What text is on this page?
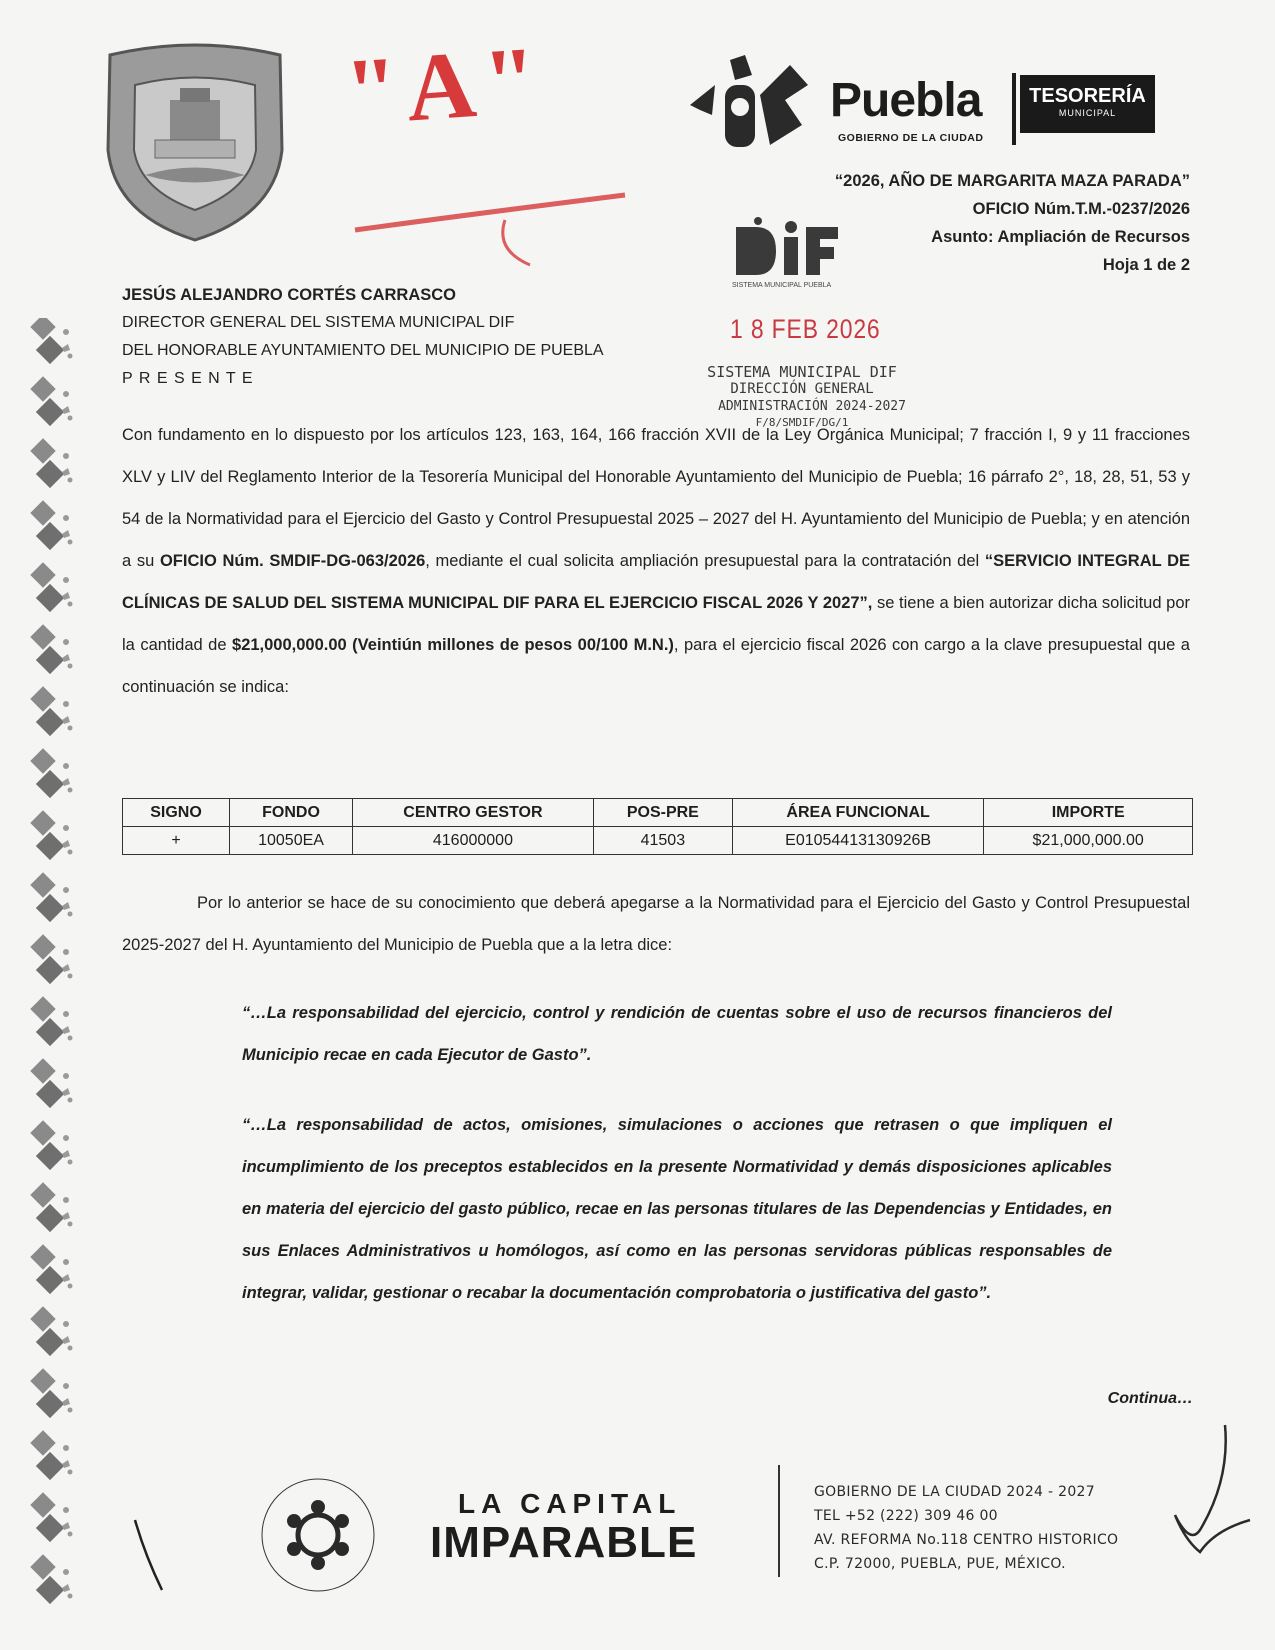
"A"	Puebla
GOBIERNO DE LA CIUDAD
TESORERÍA
MUNICIPAL
“2026, AÑO DE MARGARITA MAZA PARADA”
OFICIO Núm.T.M.-0237/2026
Asunto: Ampliación de Recursos
Hoja 1 de 2
SISTEMA MUNICIPAL PUEBLA
1 8 FEB 2026
SISTEMA MUNICIPAL DIF
DIRECCIÓN GENERAL
ADMINISTRACIÓN 2024-2027
F/8/SMDIF/DG/1
JESÚS ALEJANDRO CORTÉS CARRASCO
DIRECTOR GENERAL DEL SISTEMA MUNICIPAL DIF
DEL HONORABLE AYUNTAMIENTO DEL MUNICIPIO DE PUEBLA
P R E S E N T E
Con fundamento en lo dispuesto por los artículos 123, 163, 164, 166 fracción XVII de la Ley Orgánica Municipal; 7 fracción I, 9 y 11 fracciones XLV y LIV del Reglamento Interior de la Tesorería Municipal del Honorable Ayuntamiento del Municipio de Puebla; 16 párrafo 2°, 18, 28, 51, 53 y 54 de la Normatividad para el Ejercicio del Gasto y Control Presupuestal 2025 – 2027 del H. Ayuntamiento del Municipio de Puebla; y en atención a su OFICIO Núm. SMDIF-DG-063/2026, mediante el cual solicita ampliación presupuestal para la contratación del “SERVICIO INTEGRAL DE CLÍNICAS DE SALUD DEL SISTEMA MUNICIPAL DIF PARA EL EJERCICIO FISCAL 2026 Y 2027”, se tiene a bien autorizar dicha solicitud por la cantidad de $21,000,000.00 (Veintiún millones de pesos 00/100 M.N.), para el ejercicio fiscal 2026 con cargo a la clave presupuestal que a continuación se indica:
SIGNO	FONDO	CENTRO GESTOR	POS-PRE	ÁREA FUNCIONAL	IMPORTE
+	10050EA	416000000	41503	E01054413130926B	$21,000,000.00
Por lo anterior se hace de su conocimiento que deberá apegarse a la Normatividad para el Ejercicio del Gasto y Control Presupuestal 2025-2027 del H. Ayuntamiento del Municipio de Puebla que a la letra dice:
“…La responsabilidad del ejercicio, control y rendición de cuentas sobre el uso de recursos financieros del Municipio recae en cada Ejecutor de Gasto”.
“…La responsabilidad de actos, omisiones, simulaciones o acciones que retrasen o que impliquen el incumplimiento de los preceptos establecidos en la presente Normatividad y demás disposiciones aplicables en materia del ejercicio del gasto público, recae en las personas titulares de las Dependencias y Entidades, en sus Enlaces Administrativos u homólogos, así como en las personas servidoras públicas responsables de integrar, validar, gestionar o recabar la documentación comprobatoria o justificativa del gasto”.
Continua…
LA CAPITAL
IMPARABLE
GOBIERNO DE LA CIUDAD 2024 - 2027
TEL +52 (222) 309 46 00
AV. REFORMA No.118 CENTRO HISTORICO
C.P. 72000, PUEBLA, PUE, MÉXICO.
